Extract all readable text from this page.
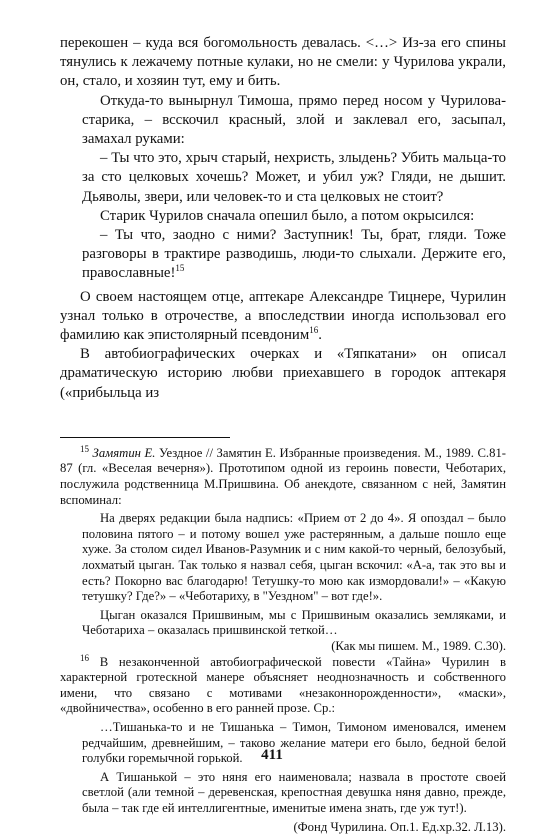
перекошен – куда вся богомольность девалась. <…> Из-за его спины тянулись к лежачему потные кулаки, но не смели: у Чурилова украли, он, стало, и хозяин тут, ему и бить.

Откуда-то вынырнул Тимоша, прямо перед носом у Чурилова-старика, – всскочил красный, злой и заклевал его, засыпал, замахал руками:

– Ты что это, хрыч старый, нехристь, злыдень? Убить мальца-то за сто целковых хочешь? Может, и убил уж? Гляди, не дышит. Дьяволы, звери, или человек-то и ста целковых не стоит?

Старик Чурилов сначала опешил было, а потом окрысился:

– Ты что, заодно с ними? Заступник! Ты, брат, гляди. Тоже разговоры в трактире разводишь, люди-то слыхали. Держите его, православные!$^{15}$

О своем настоящем отце, аптекаре Александре Тицнере, Чурилин узнал только в отрочестве, а впоследствии иногда использовал его фамилию как эпистолярный псевдоним$^{16}$.

В автобиографических очерках и «Тяпкатани» он описал драматическую историю любви приехавшего в городок аптекаря («прибыльца из

$^{15}$ Замятин Е. Уездное // Замятин Е. Избранные произведения. М., 1989. С.81-87 (гл. «Веселая вечерня»). Прототипом одной из героинь повести, Чеботарих, послужила родственница М.Пришвина. Об анекдоте, связанном с ней, Замятин вспоминал:

На дверях редакции была надпись: «Прием от 2 до 4». Я опоздал – было половина пятого – и потому вошел уже растерянным, а дальше пошло еще хуже. За столом сидел Иванов-Разумник и с ним какой-то черный, белозубый, лохматый цыган. Так только я назвал себя, цыган вскочил: «А-а, так это вы и есть? Покорно вас благодарю! Тетушку-то мою как измордовали!» – «Какую тетушку? Где?» – «Чеботариху, в "Уездном" – вот где!».

Цыган оказался Пришвиным, мы с Пришвиным оказались земляками, и Чеботариха – оказалась пришвинской теткой…

(Как мы пишем. М., 1989. С.30).

$^{16}$ В незаконченной автобиографической повести «Тайна» Чурилин в характерной гротескной манере объясняет неоднозначность и собственного имени, что связано с мотивами «незаконнорожденности», «маски», «двойничества», особенно в его ранней прозе. Ср.:

…Тишанька-то и не Тишанька – Тимон, Тимоном именовался, именем редчайшим, древнейшим, – таково желание матери его было, бедной белой голубки горемычной горькой.

А Тишанькой – это няня его наименовала; назвала в простоте своей светлой (али темной – деревенская, крепостная девушка няня давно, прежде, была – так где ей интеллигентные, именитые имена знать, где уж тут!).

(Фонд Чурилина. Оп.1. Ед.хр.32. Л.13).

411
